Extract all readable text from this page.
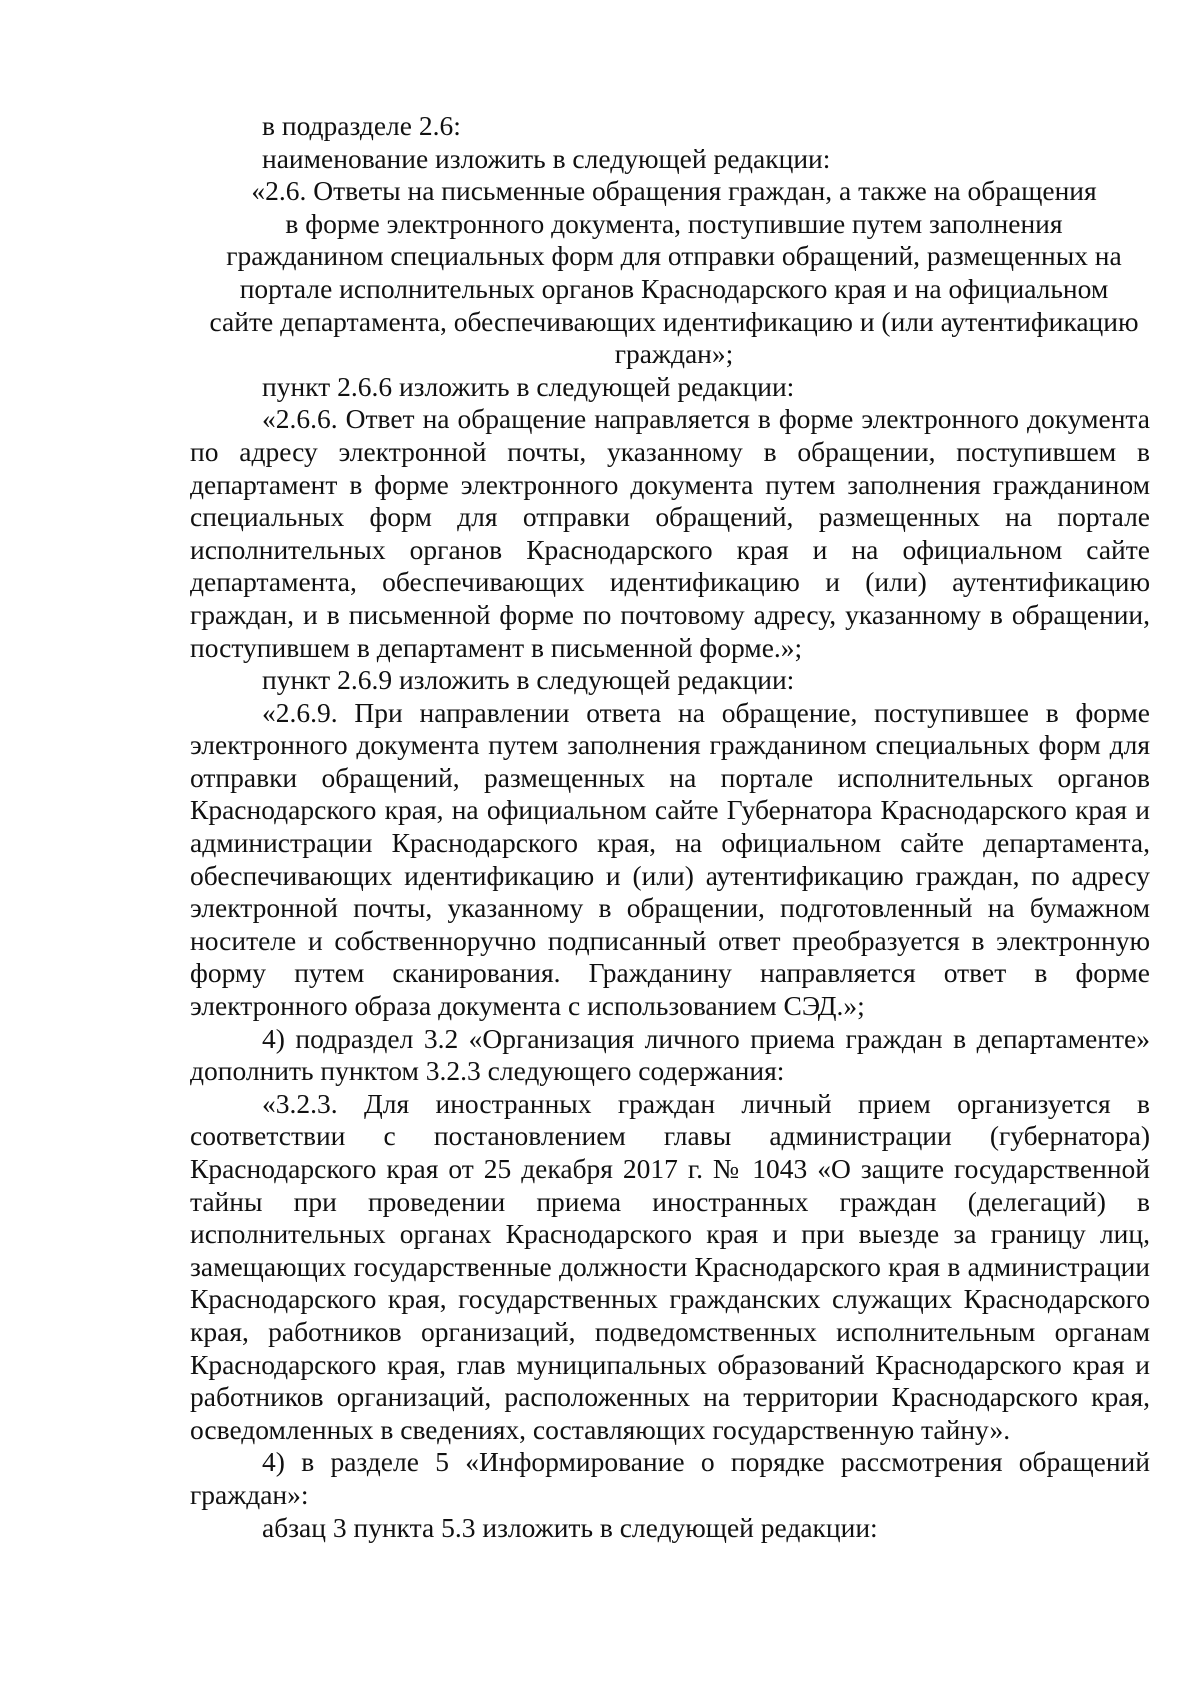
в подразделе 2.6:

наименование изложить в следующей редакции:

«2.6. Ответы на письменные обращения граждан, а также на обращения
в форме электронного документа, поступившие путем заполнения
гражданином специальных форм для отправки обращений, размещенных на
портале исполнительных органов Краснодарского края и на официальном
сайте департамента, обеспечивающих идентификацию и (или аутентификацию
граждан»;

пункт 2.6.6 изложить в следующей редакции:

«2.6.6. Ответ на обращение направляется в форме электронного документа по адресу электронной почты, указанному в обращении, поступившем в департамент в форме электронного документа путем заполнения гражданином специальных форм для отправки обращений, размещенных на портале исполнительных органов Краснодарского края и на официальном сайте департамента, обеспечивающих идентификацию и (или) аутентификацию граждан, и в письменной форме по почтовому адресу, указанному в обращении, поступившем в департамент в письменной форме.»;

пункт 2.6.9 изложить в следующей редакции:

«2.6.9. При направлении ответа на обращение, поступившее в форме электронного документа путем заполнения гражданином специальных форм для отправки обращений, размещенных на портале исполнительных органов Краснодарского края, на официальном сайте Губернатора Краснодарского края и администрации Краснодарского края, на официальном сайте департамента, обеспечивающих идентификацию и (или) аутентификацию граждан, по адресу электронной почты, указанному в обращении, подготовленный на бумажном носителе и собственноручно подписанный ответ преобразуется в электронную форму путем сканирования. Гражданину направляется ответ в форме электронного образа документа с использованием СЭД.»;

4) подраздел 3.2 «Организация личного приема граждан в департаменте» дополнить пунктом 3.2.3 следующего содержания:

«3.2.3. Для иностранных граждан личный прием организуется в соответствии с постановлением главы администрации (губернатора) Краснодарского края от 25 декабря 2017 г. № 1043 «О защите государственной тайны при проведении приема иностранных граждан (делегаций) в исполнительных органах Краснодарского края и при выезде за границу лиц, замещающих государственные должности Краснодарского края в администрации Краснодарского края, государственных гражданских служащих Краснодарского края, работников организаций, подведомственных исполнительным органам Краснодарского края, глав муниципальных образований Краснодарского края и работников организаций, расположенных на территории Краснодарского края, осведомленных в сведениях, составляющих государственную тайну».

4) в разделе 5 «Информирование о порядке рассмотрения обращений граждан»:

абзац 3 пункта 5.3 изложить в следующей редакции:
